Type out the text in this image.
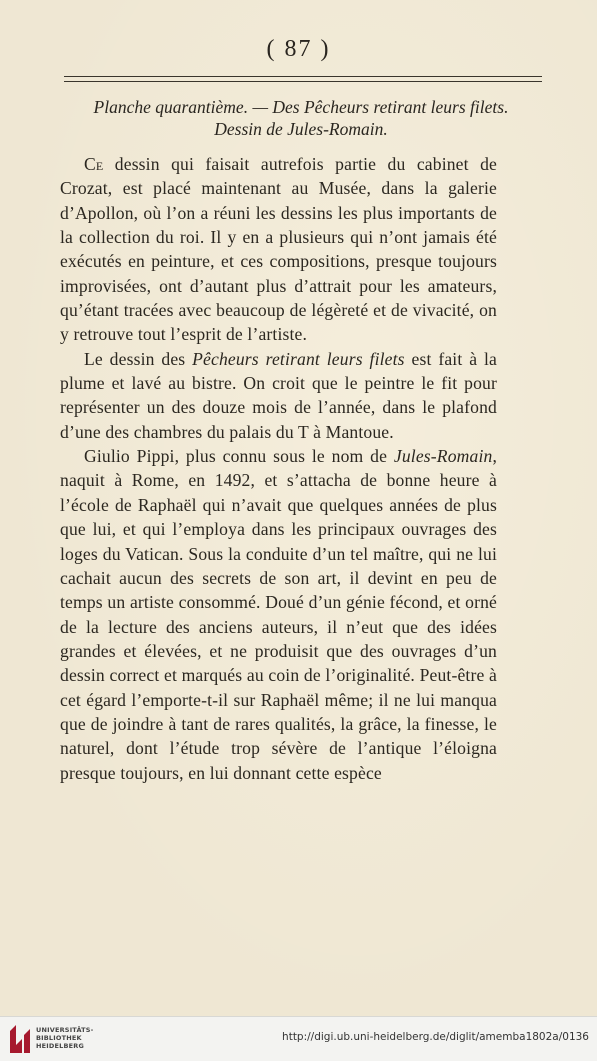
( 87 )
Planche quarantième. — Des Pêcheurs retirant leurs filets.
Dessin de Jules-Romain.

Ce dessin qui faisait autrefois partie du cabinet de Crozat, est placé maintenant au Musée, dans la galerie d’Apollon, où l’on a réuni les dessins les plus importants de la collection du roi. Il y en a plusieurs qui n’ont jamais été exécutés en peinture, et ces compositions, presque toujours improvisées, ont d’autant plus d’attrait pour les amateurs, qu’étant tracées avec beaucoup de légèreté et de vivacité, on y retrouve tout l’esprit de l’artiste.

Le dessin des Pêcheurs retirant leurs filets est fait à la plume et lavé au bistre. On croit que le peintre le fit pour représenter un des douze mois de l’année, dans le plafond d’une des chambres du palais du T à Mantoue.

Giulio Pippi, plus connu sous le nom de Jules-Romain, naquit à Rome, en 1492, et s’attacha de bonne heure à l’école de Raphaël qui n’avait que quelques années de plus que lui, et qui l’employa dans les principaux ouvrages des loges du Vatican. Sous la conduite d’un tel maître, qui ne lui cachait aucun des secrets de son art, il devint en peu de temps un artiste consommé. Doué d’un génie fécond, et orné de la lecture des anciens auteurs, il n’eut que des idées grandes et élevées, et ne produisit que des ouvrages d’un dessin correct et marqués au coin de l’originalité. Peut-être à cet égard l’emporte-t-il sur Raphaël même; il ne lui manqua que de joindre à tant de rares qualités, la grâce, la finesse, le naturel, dont l’étude trop sévère de l’antique l’éloigna presque toujours, en lui donnant cette espèce

UNIVERSITÄTS-
BIBLIOTHEK
HEIDELBERG
http://digi.ub.uni-heidelberg.de/diglit/amemba1802a/0136
